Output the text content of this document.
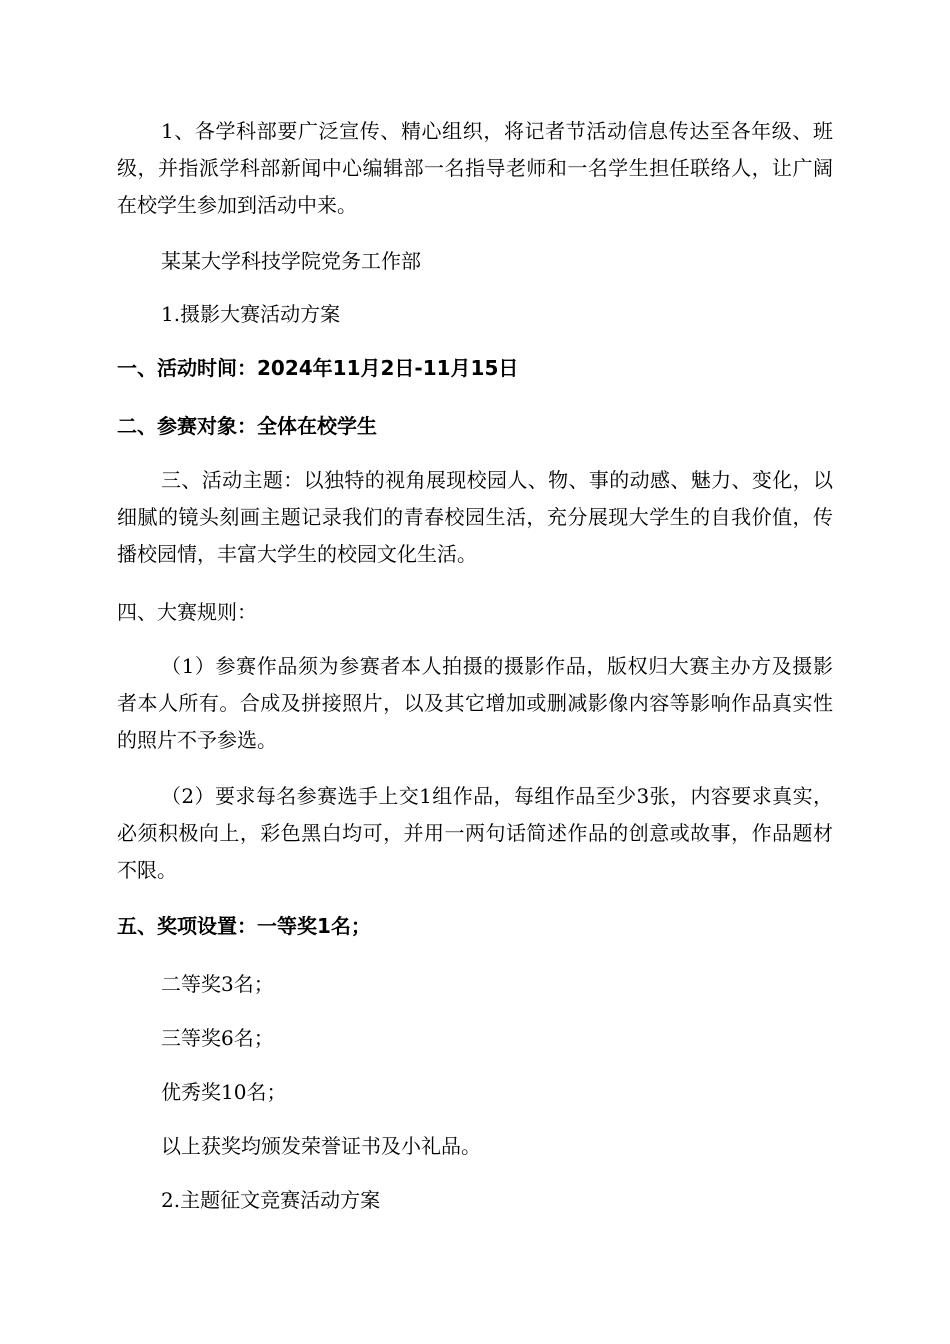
1、各学科部要广泛宣传、精心组织，将记者节活动信息传达至各年级、班级，并指派学科部新闻中心编辑部一名指导老师和一名学生担任联络人，让广阔在校学生参加到活动中来。

某某大学科技学院党务工作部

1.摄影大赛活动方案

一、活动时间：2024年11月2日-11月15日

二、参赛对象：全体在校学生

三、活动主题：以独特的视角展现校园人、物、事的动感、魅力、变化，以细腻的镜头刻画主题记录我们的青春校园生活，充分展现大学生的自我价值，传播校园情，丰富大学生的校园文化生活。

四、大赛规则：

（1）参赛作品须为参赛者本人拍摄的摄影作品，版权归大赛主办方及摄影者本人所有。合成及拼接照片，以及其它增加或删减影像内容等影响作品真实性的照片不予参选。

（2）要求每名参赛选手上交1组作品，每组作品至少3张，内容要求真实，必须积极向上，彩色黑白均可，并用一两句话简述作品的创意或故事，作品题材不限。

五、奖项设置：一等奖1名；

二等奖3名；

三等奖6名；

优秀奖10名；

以上获奖均颁发荣誉证书及小礼品。

2.主题征文竞赛活动方案
